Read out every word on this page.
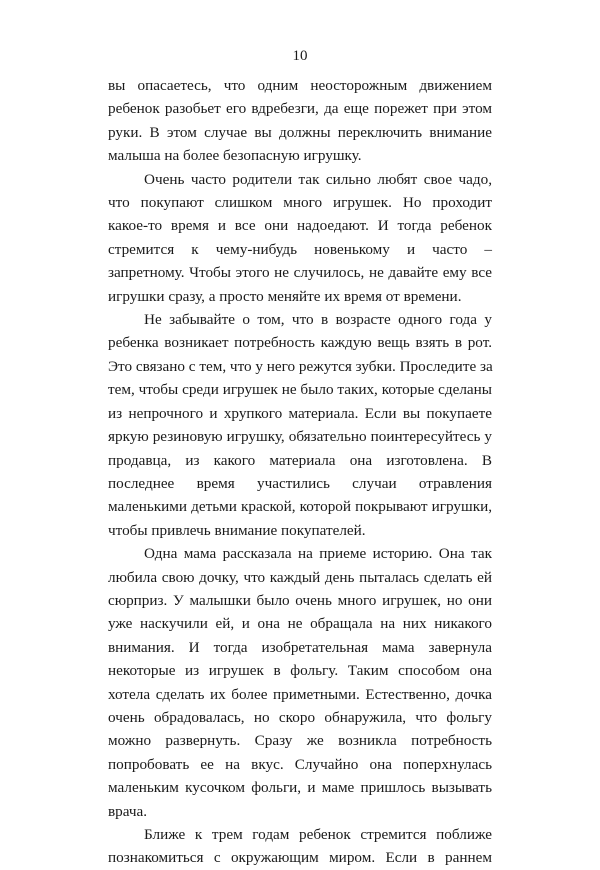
10

вы опасаетесь, что одним неосторожным движением
ребенок разобьет его вдребезги, да еще порежет при этом
руки. В этом случае вы должны переключить внимание
малыша на более безопасную игрушку.

Очень часто родители так сильно любят свое чадо,
что покупают слишком много игрушек. Но проходит
какое-то время и все они надоедают. И тогда ребенок
стремится к чему-нибудь новенькому и часто –
запретному. Чтобы этого не случилось, не давайте ему все
игрушки сразу, а просто меняйте их время от времени.

Не забывайте о том, что в возрасте одного года у
ребенка возникает потребность каждую вещь взять в рот.
Это связано с тем, что у него режутся зубки. Проследите за
тем, чтобы среди игрушек не было таких, которые сделаны
из непрочного и хрупкого материала. Если вы покупаете
яркую резиновую игрушку, обязательно поинтересуйтесь у
продавца, из какого материала она изготовлена. В
последнее время участились случаи отравления
маленькими детьми краской, которой покрывают игрушки,
чтобы привлечь внимание покупателей.

Одна мама рассказала на приеме историю. Она так
любила свою дочку, что каждый день пыталась сделать ей
сюрприз. У малышки было очень много игрушек, но они
уже наскучили ей, и она не обращала на них никакого
внимания. И тогда изобретательная мама завернула
некоторые из игрушек в фольгу. Таким способом она
хотела сделать их более приметными. Естественно, дочка
очень обрадовалась, но скоро обнаружила, что фольгу
можно развернуть. Сразу же возникла потребность
попробовать ее на вкус. Случайно она поперхнулась
маленьким кусочком фольги, и маме пришлось вызывать
врача.

Ближе к трем годам ребенок стремится поближе
познакомиться с окружающим миром. Если в раннем
